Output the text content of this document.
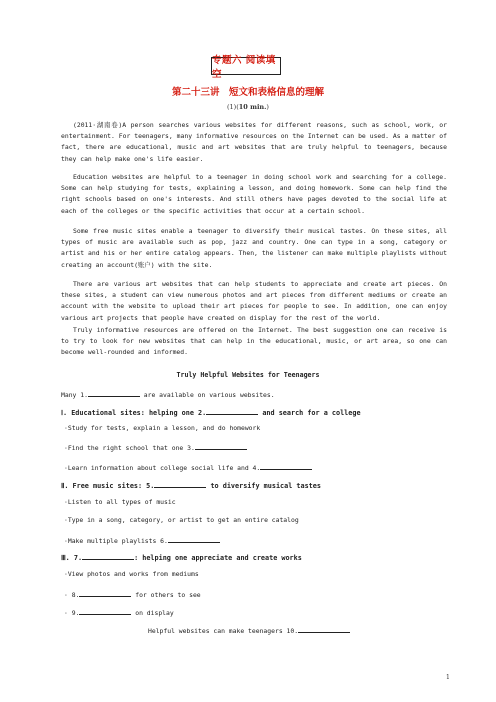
专题六 阅读填空
第二十三讲　短文和表格信息的理解
(1)(10 min.)
(2011·湖南卷)A person searches various websites for different reasons, such as school, work, or entertainment. For teenagers, many informative resources on the Internet can be used. As a matter of fact, there are educational, music and art websites that are truly helpful to teenagers, because they can help make one's life easier.
Education websites are helpful to a teenager in doing school work and searching for a college. Some can help studying for tests, explaining a lesson, and doing homework. Some can help find the right schools based on one's interests. And still others have pages devoted to the social life at each of the colleges or the specific activities that occur at a certain school.
Some free music sites enable a teenager to diversify their musical tastes. On these sites, all types of music are available such as pop, jazz and country. One can type in a song, category or artist and his or her entire catalog appears. Then, the listener can make multiple playlists without creating an account(账户) with the site.
There are various art websites that can help students to appreciate and create art pieces. On these sites, a student can view numerous photos and art pieces from different mediums or create an account with the website to upload their art pieces for people to see. In addition, one can enjoy various art projects that people have created on display for the rest of the world.
Truly informative resources are offered on the Internet. The best suggestion one can receive is to try to look for new websites that can help in the educational, music, or art area, so one can become well-rounded and informed.
Truly Helpful Websites for Teenagers
Many 1.	are available on various websites.
Ⅰ. Educational sites: helping one 2.	and search for a college
·Study for tests, explain a lesson, and do homework
·Find the right school that one 3.
·Learn information about college social life and 4.
Ⅱ. Free music sites: 5.	to diversify musical tastes
·Listen to all types of music
·Type in a song, category, or artist to get an entire catalog
·Make multiple playlists 6.
Ⅲ. 7.	: helping one appreciate and create works
·View photos and works from mediums
· 8.	for others to see
· 9.	on display
Helpful websites can make teenagers 10.
1
